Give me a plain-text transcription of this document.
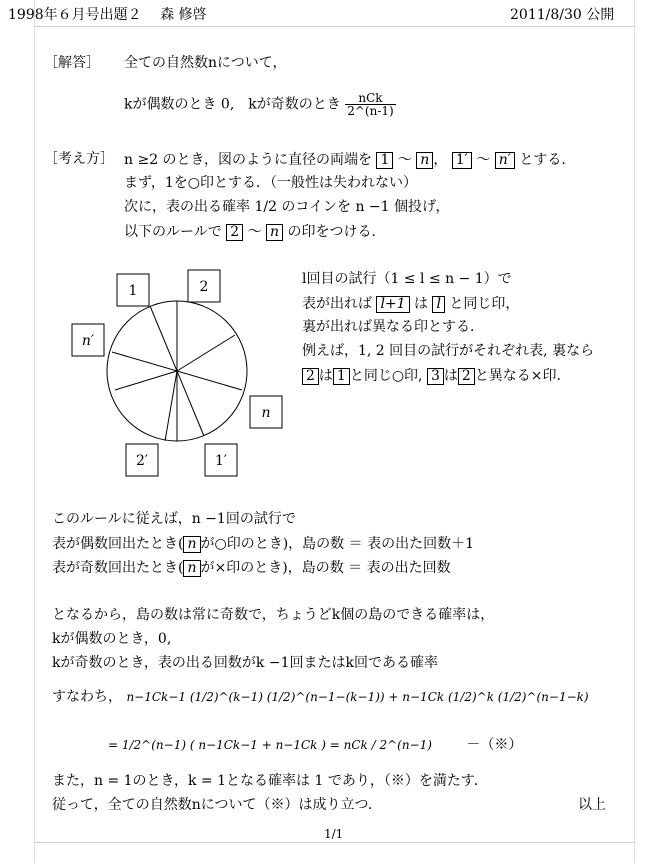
1998年６月号出題２　 森 修啓	2011/8/30 公開
［解答］ 全ての自然数nについて，
kが偶数のとき 0,　kが奇数のとき $\frac{\text{nCk}}{2\^{}(n-1)}$
［考え方］ n ≥2 のとき，図のように直径の両端を 1 〜 n ， 1′ 〜 n′ とする.
まず，1を○印とする．（一般性は失われない）
次に，表の出る確率 1/2 のコインを n −1 個投げ，
以下のルールで 2 〜 n の印をつける.
1	2
n′
n
2′	1′
l回目の試行（1 ≤ l ≤ n − 1）で
表が出れば l+1 は l と同じ印，
裏が出れば異なる印とする．
例えば，1, 2 回目の試行がそれぞれ表, 裏なら
2 は 1 と同じ○印, 3 は 2 と異なる×印.
このルールに従えば，n −1回の試行で
表が偶数回出たとき( n が○印のとき)，島の数 ＝ 表の出た回数＋1
表が奇数回出たとき( n が×印のとき)，島の数 ＝ 表の出た回数
となるから，島の数は常に奇数で，ちょうどk個の島のできる確率は，
kが偶数のとき，0,
kが奇数のとき，表の出る回数がk −1回またはk回である確率
すなわち， n−1Ck−1 (1/2)^(k−1) (1/2)^(n−1−(k−1)) + n−1Ck (1/2)^k (1/2)^(n−1−k)
= 1/2^(n−1) ( n−1Ck−1 + n−1Ck ) = nCk / 2^(n−1) －（※）
また，n = 1のとき，k = 1となる確率は 1 であり，（※）を満たす．
従って，全ての自然数nについて（※）は成り立つ．	以上
1/1
